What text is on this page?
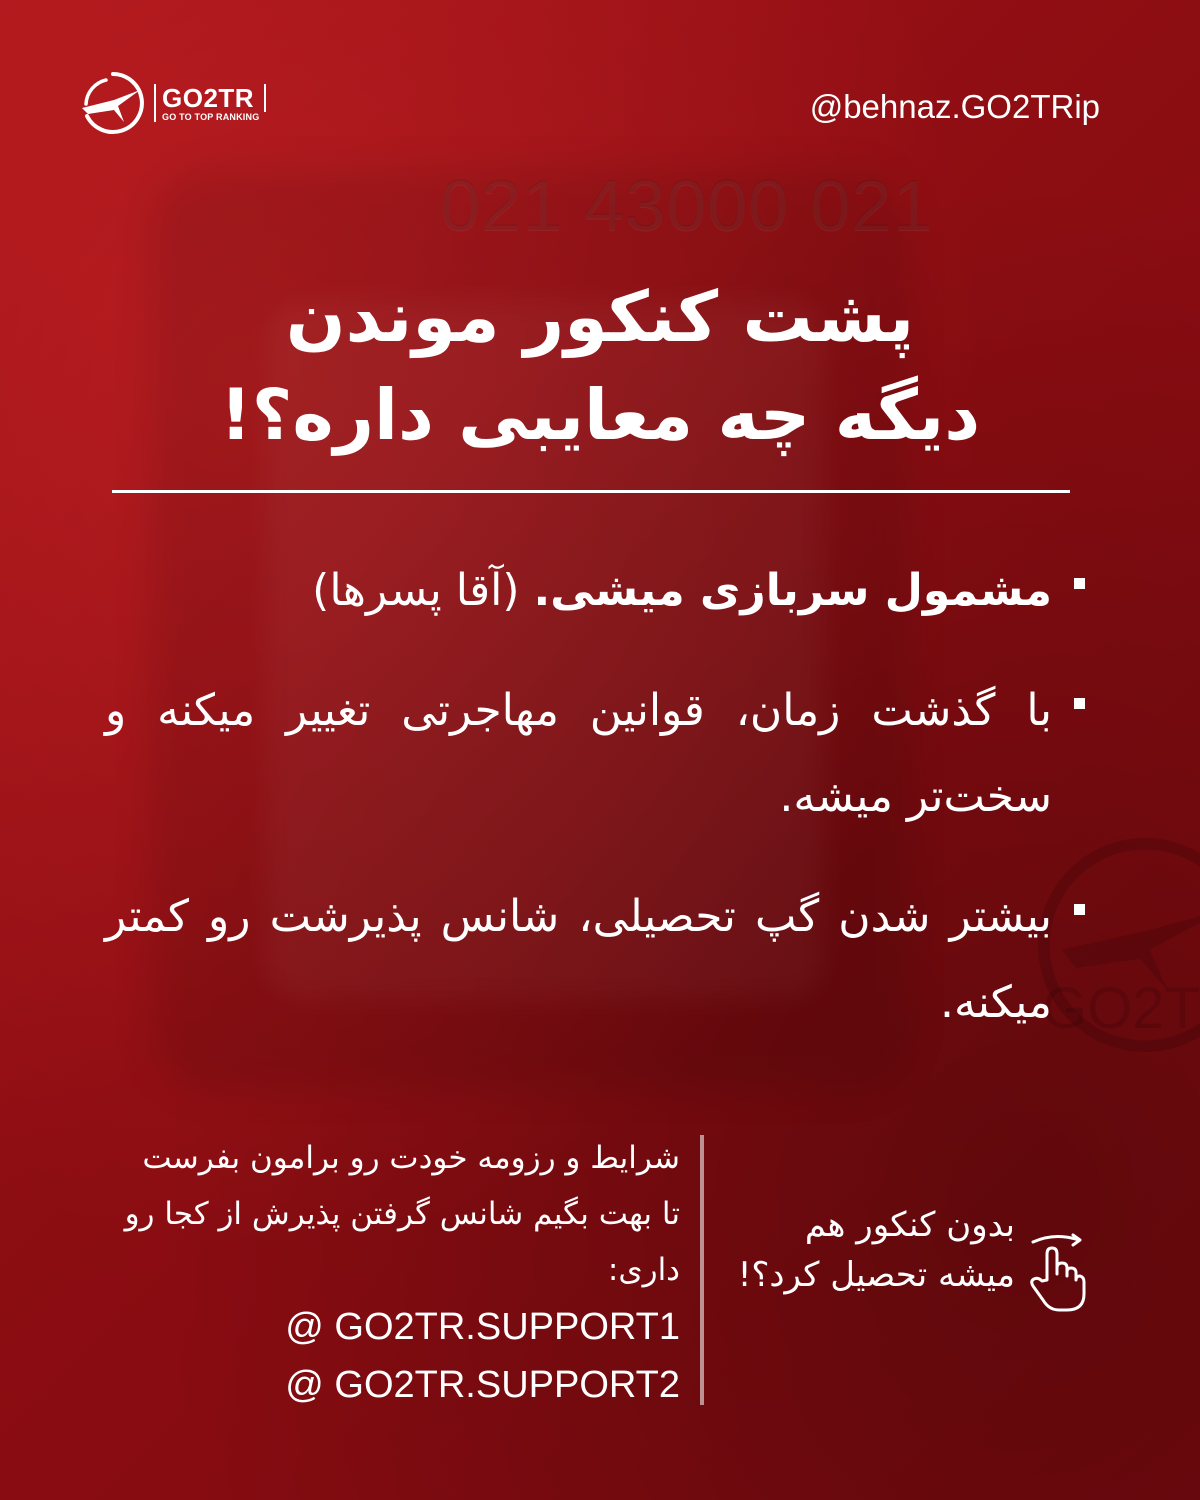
021 43000 021
GO2T
GO2TR
GO TO TOP RANKING	@behnaz.GO2TRip
پشت کنکور موندن
دیگه چه معایبی داره؟!
مشمول سربازی میشی. (آقا پسرها)
با گذشت زمان، قوانین مهاجرتی تغییر میکنه و سخت‌تر میشه.
بیشتر شدن گپ تحصیلی، شانس پذیرشت رو کمتر میکنه.
شرایط و رزومه خودت رو برامون بفرست تا بهت بگیم شانس گرفتن پذیرش از کجا رو داری:
@ GO2TR.SUPPORT1
@ GO2TR.SUPPORT2
بدون کنکور هم میشه تحصیل کرد؟!
